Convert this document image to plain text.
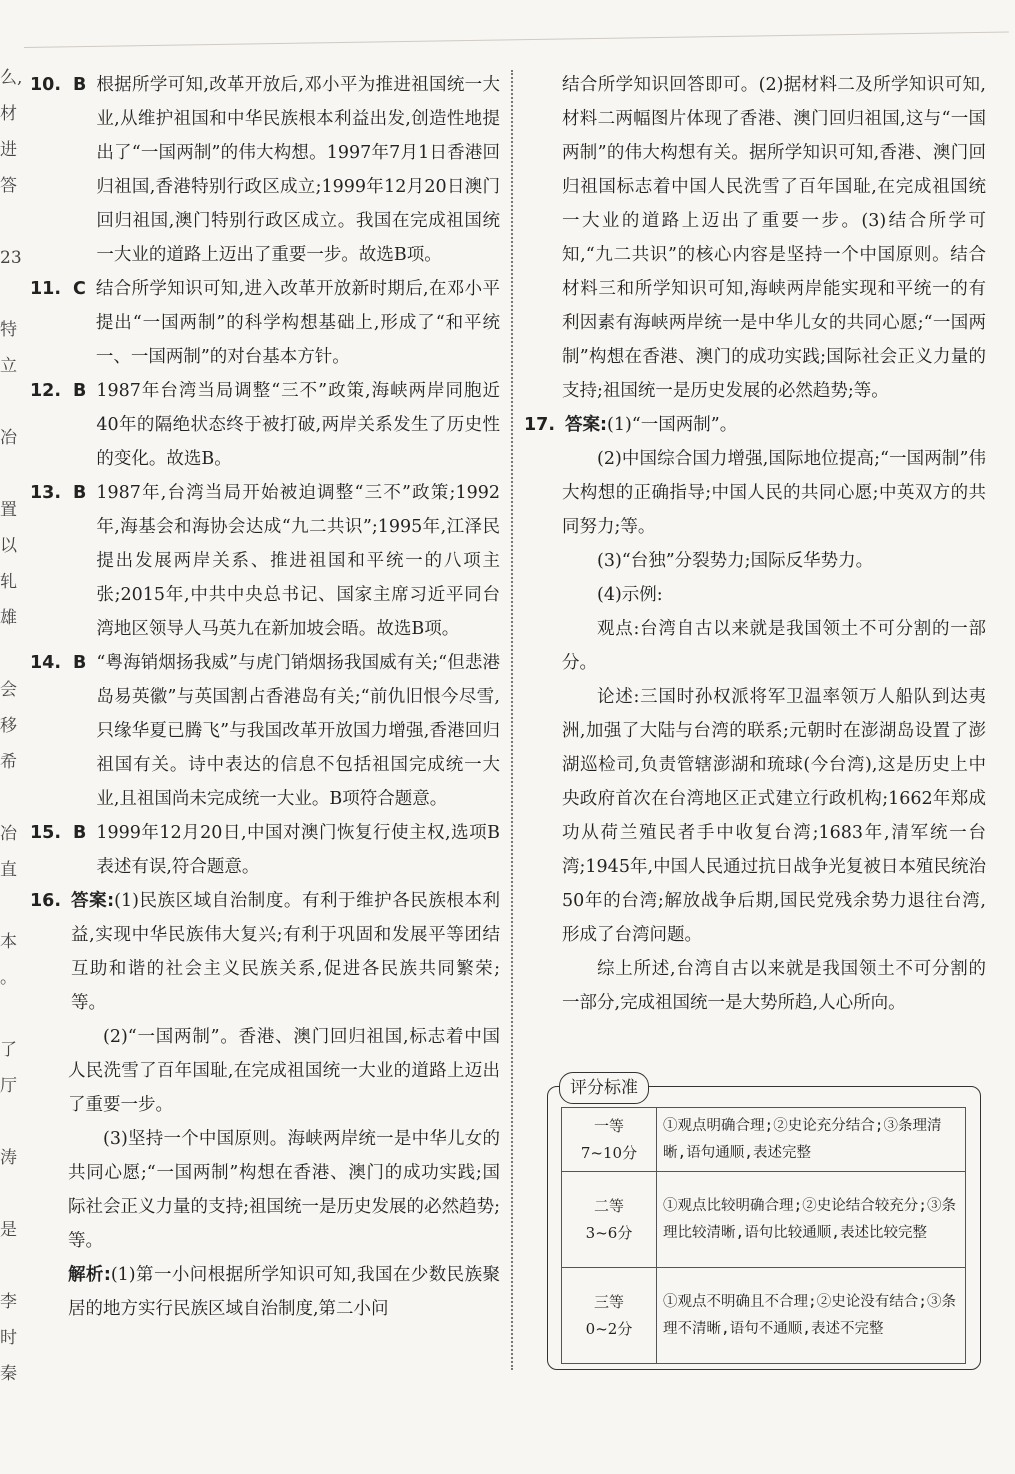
么,
材
进
答

23

特
立

冶

置
以
轧
雄

会
移
希

冶
直

本
。

了
厅

涛

是

李
时
秦
10. B 根据所学可知,改革开放后,邓小平为推进祖国统一大业,从维护祖国和中华民族根本利益出发,创造性地提出了“一国两制”的伟大构想。1997年7月1日香港回归祖国,香港特别行政区成立;1999年12月20日澳门回归祖国,澳门特别行政区成立。我国在完成祖国统一大业的道路上迈出了重要一步。故选B项。

11. C 结合所学知识可知,进入改革开放新时期后,在邓小平提出“一国两制”的科学构想基础上,形成了“和平统一、一国两制”的对台基本方针。

12. B 1987年台湾当局调整“三不”政策,海峡两岸同胞近40年的隔绝状态终于被打破,两岸关系发生了历史性的变化。故选B。

13. B 1987年,台湾当局开始被迫调整“三不”政策;1992年,海基会和海协会达成“九二共识”;1995年,江泽民提出发展两岸关系、推进祖国和平统一的八项主张;2015年,中共中央总书记、国家主席习近平同台湾地区领导人马英九在新加坡会晤。故选B项。

14. B “粤海销烟扬我威”与虎门销烟扬我国威有关;“但悲港岛易英徽”与英国割占香港岛有关;“前仇旧恨今尽雪,只缘华夏已腾飞”与我国改革开放国力增强,香港回归祖国有关。诗中表达的信息不包括祖国完成统一大业,且祖国尚未完成统一大业。B项符合题意。

15. B 1999年12月20日,中国对澳门恢复行使主权,选项B表述有误,符合题意。

16. 答案:(1)民族区域自治制度。有利于维护各民族根本利益,实现中华民族伟大复兴;有利于巩固和发展平等团结互助和谐的社会主义民族关系,促进各民族共同繁荣;等。

(2)“一国两制”。香港、澳门回归祖国,标志着中国人民洗雪了百年国耻,在完成祖国统一大业的道路上迈出了重要一步。

(3)坚持一个中国原则。海峡两岸统一是中华儿女的共同心愿;“一国两制”构想在香港、澳门的成功实践;国际社会正义力量的支持;祖国统一是历史发展的必然趋势;等。

解析:(1)第一小问根据所学知识可知,我国在少数民族聚居的地方实行民族区域自治制度,第二小问

结合所学知识回答即可。(2)据材料二及所学知识可知,材料二两幅图片体现了香港、澳门回归祖国,这与“一国两制”的伟大构想有关。据所学知识可知,香港、澳门回归祖国标志着中国人民洗雪了百年国耻,在完成祖国统一大业的道路上迈出了重要一步。(3)结合所学可知,“九二共识”的核心内容是坚持一个中国原则。结合材料三和所学知识可知,海峡两岸能实现和平统一的有利因素有海峡两岸统一是中华儿女的共同心愿;“一国两制”构想在香港、澳门的成功实践;国际社会正义力量的支持;祖国统一是历史发展的必然趋势;等。

17. 答案:(1)“一国两制”。

(2)中国综合国力增强,国际地位提高;“一国两制”伟大构想的正确指导;中国人民的共同心愿;中英双方的共同努力;等。

(3)“台独”分裂势力;国际反华势力。

(4)示例:

观点:台湾自古以来就是我国领土不可分割的一部分。

论述:三国时孙权派将军卫温率领万人船队到达夷洲,加强了大陆与台湾的联系;元朝时在澎湖岛设置了澎湖巡检司,负责管辖澎湖和琉球(今台湾),这是历史上中央政府首次在台湾地区正式建立行政机构;1662年郑成功从荷兰殖民者手中收复台湾;1683年,清军统一台湾;1945年,中国人民通过抗日战争光复被日本殖民统治50年的台湾;解放战争后期,国民党残余势力退往台湾,形成了台湾问题。

综上所述,台湾自古以来就是我国领土不可分割的一部分,完成祖国统一是大势所趋,人心所向。

评分标准
一等
7~10分	①观点明确合理;②史论充分结合;③条理清晰,语句通顺,表述完整

二等
3~6分	①观点比较明确合理;②史论结合较充分;③条理比较清晰,语句比较通顺,表述比较完整

三等
0~2分	①观点不明确且不合理;②史论没有结合;③条理不清晰,语句不通顺,表述不完整
